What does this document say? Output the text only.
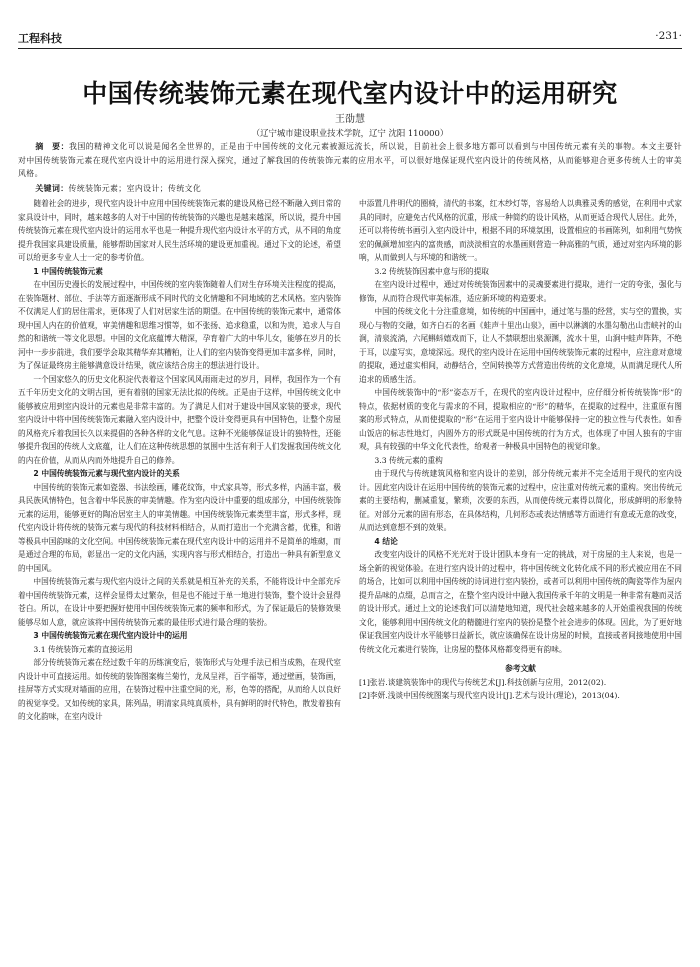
工程科技	·231·
中国传统装饰元素在现代室内设计中的运用研究
王劭慧
（辽宁城市建设职业技术学院，辽宁 沈阳 110000）
摘　要：我国的精神文化可以说是闻名全世界的，正是由于中国传统的文化元素被源远流长，所以说，目前社会上很多地方都可以看到与中国传统元素有关的事物。本文主要针对中国传统装饰元素在现代室内设计中的运用进行深入探究，通过了解我国的传统装饰元素的应用水平，可以很好地保证现代室内设计的传统风格，从而能够迎合更多传统人士的审美风格。
关键词：传统装饰元素；室内设计；传统文化

随着社会的进步，现代室内设计中应用中国传统装饰元素的建设风格已经不断融入到日常的家具设计中，同时，越来越多的人对于中国的传统装饰的兴趣也是越来越深，所以说，提升中国传统装饰元素在现代室内设计的运用水平也是一种提升现代室内设计水平的方式，从不同的角度提升我国家具建设质量，能够帮助国家对人民生活环境的建设更加重视。通过下文的论述，希望可以给更多专业人士一定的参考价值。

1 中国传统装饰元素

在中国历史漫长的发展过程中，中国传统的室内装饰随着人们对生存环境关注程度的提高，在装饰题材、部位、手法等方面逐渐形成不同时代的文化情趣和不同地域的艺术风格。室内装饰不仅满足人们的居住需求，更体现了人们对居家生活的期望。在中国传统的装饰元素中，通常体现中国人内在的价值观，审美情趣和思维习惯等，如不张扬、追求稳重，以和为贵，追求人与自然的和谐统一等文化思想。中国的文化底蕴博大精深，孕育着广大的中华儿女，能够在岁月的长河中一步步前进，我们要学会取其精华弃其糟粕，让人们的室内装饰变得更加丰富多样，同时，为了保证最终房主能够满意设计结果，就应该结合房主的想法进行设计。

一个国家悠久的历史文化积淀代表着这个国家风风雨雨走过的岁月，同样，我国作为一个有五千年历史文化的文明古国，更有着别的国家无法比拟的传统。正是由于这样，中国传统文化中能够被应用到室内设计的元素也是非常丰富的。为了满足人们对于建设中国风家装的要求，现代室内设计中将中国传统装饰元素融入室内设计中，把整个设计变得更具有中国特色，让整个房屋的风格充斥着我国长久以来提倡的各种各样的文化气息。这种不光能够保证设计的独特性，还能够提升我国的传统人文底蕴，让人们在这种传统思想的氛围中生活有利于人们发掘我国传统文化的内在价值，从而从内而外地提升自己的修养。

2 中国传统装饰元素与现代室内设计的关系

中国传统的装饰元素如瓷器、书法绘画，雕花纹饰，中式家具等，形式多样，内涵丰富，极具民族风情特色，包含着中华民族的审美情趣。作为室内设计中重要的组成部分，中国传统装饰元素的运用，能够更好的陶冶居室主人的审美情趣。中国传统装饰元素类型丰富，形式多样，现代室内设计将传统的装饰元素与现代的科技材料相结合，从而打造出一个充满含蓄，优雅，和谐等极具中国韵味的文化空间。中国传统装饰元素在现代室内设计中的运用并不是简单的堆砌，而是通过合理的布局，彰显出一定的文化内涵，实现内容与形式相结合，打造出一种具有新型意义的中国风。

中国传统装饰元素与现代室内设计之间的关系就是相互补充的关系，不能将设计中全部充斥着中国传统装饰元素，这样会显得太过繁杂，但是也不能过于单一地进行装饰，整个设计会显得苍白。所以，在设计中要把握好使用中国传统装饰元素的频率和形式，为了保证最后的装修效果能够尽如人意，就应该将中国传统装饰元素的最佳形式进行最合理的装扮。

3 中国传统装饰元素在现代室内设计中的运用
3.1 传统装饰元素的直接运用

部分传统装饰元素在经过数千年的历练演变后，装饰形式与处理手法已相当成熟，在现代室内设计中可直接运用。如传统的装饰图案梅兰菊竹，龙凤呈祥，百字福等，通过壁画，装饰画，挂屏等方式实现对墙面的应用，在装饰过程中注重空间的光，形，色等的搭配，从而给人以良好的视觉享受。又如传统的家具，陈列品，明清家具纯真质朴，具有鲜明的时代特色，散发着独有的文化韵味，在室内设计

中添置几件明代的圈椅，清代的书案，红木纱灯等，容易给人以典雅灵秀的感觉，在利用中式家具的同时，应避免古代风格的沉重，形成一种简约的设计风格，从而更适合现代人居住。此外，还可以将传统书画引入室内设计中，根据不同的环境氛围，设置相应的书画陈列，如利用气势恢宏的佩颜增加室内的富贵感，而淡淡相宜的水墨画则营造一种高雅的气质，通过对室内环境的影响，从而做到人与环境的和谐统一。

3.2 传统装饰因素中意与形的提取

在室内设计过程中，通过对传统装饰因素中的灵魂要素进行提取，进行一定的夸张，强化与修饰，从而符合现代审美标准，适应新环境的构造要求。

中国的传统文化十分注重意境，如传统的中国画中，通过笔与墨的经营，实与空的置换，实现心与物的交融，如齐白石的名画《蛙声十里出山泉》，画中以淋漓的水墨勾勒出山峦峡衬的山涧，清泉流淌，六尾蝌蚪嬉戏而下，让人不禁联想出泉源渊，流水十里，山涧中蛙声阵阵，不绝于耳，以虚写实，意境深远。现代的室内设计在运用中国传统装饰元素的过程中，应注意对意境的提取，通过虚实相间，动静结合，空间转换等方式营造出传统的文化意境，从而满足现代人所追求的质感生活。

中国传统装饰中的“形”姿态万千，在现代的室内设计过程中，应仔细分析传统装饰“形”的特点，依据材质的变化与需求的不同，提取相应的“形”的精华，在提取的过程中，注重原有图案的形式特点，从而使提取的“形”在运用于室内设计中能够保持一定的独立性与代表性。如香山饭店的标志性地灯，内圆外方的形式既是中国传统的行为方式，也体现了中国人独有的宇宙观，具有较强的中华文化代表性，给观者一种极具中国特色的视觉印象。

3.3 传统元素的重构

由于现代与传统建筑风格和室内设计的差别，部分传统元素并不完全适用于现代的室内设计。因此室内设计在运用中国传统的装饰元素的过程中，应注重对传统元素的重构。突出传统元素的主要结构，删减重复，繁琐，次要的东西，从而使传统元素得以简化，形成鲜明的形象特征。对部分元素的固有形态，在具体结构，几何形态或表达情感等方面进行有意或无意的改变，从而达到意想不到的效果。

4 结论

改变室内设计的风格不光光对于设计团队本身有一定的挑战，对于房屋的主人来说，也是一场全新的视觉体验。在进行室内设计的过程中，将中国传统文化转化成不同的形式被应用在不同的场合，比如可以利用中国传统的诗词进行室内装扮，或者可以利用中国传统的陶瓷等作为屋内提升品味的点缀，总而言之，在整个室内设计中融入我国传承千年的文明是一种非常有趣而灵活的设计形式。通过上文的论述我们可以清楚地知道，现代社会越来越多的人开始重视我国的传统文化，能够利用中国传统文化的精髓进行室内的装扮是整个社会进步的体现。因此，为了更好地保证我国室内设计水平能够日益新长，就应该确保在设计房屋的时候，直接或者间接地使用中国传统文化元素进行装饰，让房屋的整体风格都变得更有韵味。

参考文献

[1]张岩.谈建筑装饰中的现代与传统艺术[J].科技创新与应用，2012(02).

[2]李妍.浅谈中国传统图案与现代室内设计[J].艺术与设计(理论)，2013(04).
